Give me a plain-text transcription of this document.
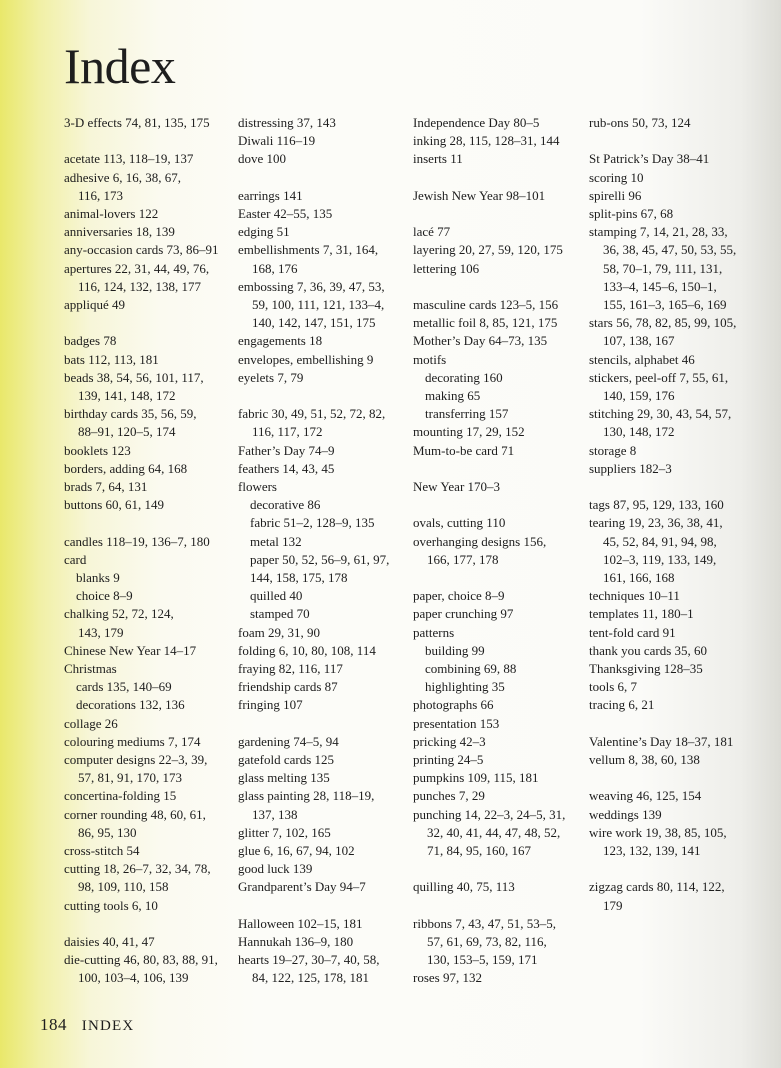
Index
3-D effects 74, 81, 135, 175
acetate 113, 118–19, 137
adhesive 6, 16, 38, 67,
116, 173
animal-lovers 122
anniversaries 18, 139
any-occasion cards 73, 86–91
apertures 22, 31, 44, 49, 76,
116, 124, 132, 138, 177
appliqué 49
badges 78
bats 112, 113, 181
beads 38, 54, 56, 101, 117,
139, 141, 148, 172
birthday cards 35, 56, 59,
88–91, 120–5, 174
booklets 123
borders, adding 64, 168
brads 7, 64, 131
buttons 60, 61, 149
candles 118–19, 136–7, 180
card
blanks 9
choice 8–9
chalking 52, 72, 124,
143, 179
Chinese New Year 14–17
Christmas
cards 135, 140–69
decorations 132, 136
collage 26
colouring mediums 7, 174
computer designs 22–3, 39,
57, 81, 91, 170, 173
concertina-folding 15
corner rounding 48, 60, 61,
86, 95, 130
cross-stitch 54
cutting 18, 26–7, 32, 34, 78,
98, 109, 110, 158
cutting tools 6, 10
daisies 40, 41, 47
die-cutting 46, 80, 83, 88, 91,
100, 103–4, 106, 139
distressing 37, 143
Diwali 116–19
dove 100
earrings 141
Easter 42–55, 135
edging 51
embellishments 7, 31, 164,
168, 176
embossing 7, 36, 39, 47, 53,
59, 100, 111, 121, 133–4,
140, 142, 147, 151, 175
engagements 18
envelopes, embellishing 9
eyelets 7, 79
fabric 30, 49, 51, 52, 72, 82,
116, 117, 172
Father’s Day 74–9
feathers 14, 43, 45
flowers
decorative 86
fabric 51–2, 128–9, 135
metal 132
paper 50, 52, 56–9, 61, 97,
144, 158, 175, 178
quilled 40
stamped 70
foam 29, 31, 90
folding 6, 10, 80, 108, 114
fraying 82, 116, 117
friendship cards 87
fringing 107
gardening 74–5, 94
gatefold cards 125
glass melting 135
glass painting 28, 118–19,
137, 138
glitter 7, 102, 165
glue 6, 16, 67, 94, 102
good luck 139
Grandparent’s Day 94–7
Halloween 102–15, 181
Hannukah 136–9, 180
hearts 19–27, 30–7, 40, 58,
84, 122, 125, 178, 181
Independence Day 80–5
inking 28, 115, 128–31, 144
inserts 11
Jewish New Year 98–101
lacé 77
layering 20, 27, 59, 120, 175
lettering 106
masculine cards 123–5, 156
metallic foil 8, 85, 121, 175
Mother’s Day 64–73, 135
motifs
decorating 160
making 65
transferring 157
mounting 17, 29, 152
Mum-to-be card 71
New Year 170–3
ovals, cutting 110
overhanging designs 156,
166, 177, 178
paper, choice 8–9
paper crunching 97
patterns
building 99
combining 69, 88
highlighting 35
photographs 66
presentation 153
pricking 42–3
printing 24–5
pumpkins 109, 115, 181
punches 7, 29
punching 14, 22–3, 24–5, 31,
32, 40, 41, 44, 47, 48, 52,
71, 84, 95, 160, 167
quilling 40, 75, 113
ribbons 7, 43, 47, 51, 53–5,
57, 61, 69, 73, 82, 116,
130, 153–5, 159, 171
roses 97, 132
rub-ons 50, 73, 124
St Patrick’s Day 38–41
scoring 10
spirelli 96
split-pins 67, 68
stamping 7, 14, 21, 28, 33,
36, 38, 45, 47, 50, 53, 55,
58, 70–1, 79, 111, 131,
133–4, 145–6, 150–1,
155, 161–3, 165–6, 169
stars 56, 78, 82, 85, 99, 105,
107, 138, 167
stencils, alphabet 46
stickers, peel-off 7, 55, 61,
140, 159, 176
stitching 29, 30, 43, 54, 57,
130, 148, 172
storage 8
suppliers 182–3
tags 87, 95, 129, 133, 160
tearing 19, 23, 36, 38, 41,
45, 52, 84, 91, 94, 98,
102–3, 119, 133, 149,
161, 166, 168
techniques 10–11
templates 11, 180–1
tent-fold card 91
thank you cards 35, 60
Thanksgiving 128–35
tools 6, 7
tracing 6, 21
Valentine’s Day 18–37, 181
vellum 8, 38, 60, 138
weaving 46, 125, 154
weddings 139
wire work 19, 38, 85, 105,
123, 132, 139, 141
zigzag cards 80, 114, 122,
179
184 INDEX
